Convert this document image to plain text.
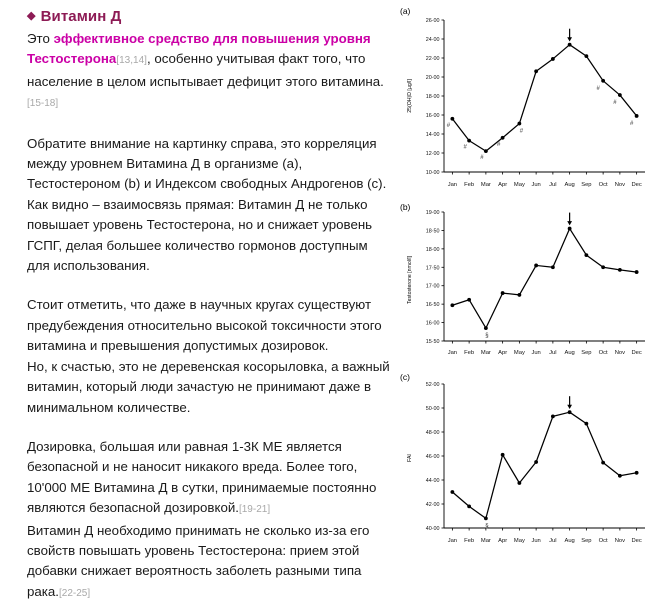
◆ Витамин Д

Это эффективное средство для повышения уровня Тестостерона[13,14], особенно учитывая факт того, что население в целом испытывает дефицит этого витамина.[15-18]

Обратите внимание на картинку справа, это корреляция между уровнем Витамина Д в организме (a), Тестостероном (b) и Индексом свободных Андрогенов (c). Как видно – взаимосвязь прямая: Витамин Д не только повышает уровень Тестостерона, но и снижает уровень ГСПГ, делая большее количество гормонов доступным для использования.

Стоит отметить, что даже в научных кругах существуют предубеждения относительно высокой токсичности этого витамина и превышения допустимых дозировок.
Но, к счастью, это не деревенская косорыловка, а важный витамин, который люди зачастую не принимают даже в минимальном количестве.

Дозировка, большая или равная 1-3К МЕ является безопасной и не наносит никакого вреда. Более того, 10'000 МЕ Витамина Д в сутки, принимаемые постоянно являются безопасной дозировкой.[19-21]
Витамин Д необходимо принимать не сколько из-за его свойств повышать уровень Тестостерона: прием этой добавки снижает вероятность заболеть разными типа рака.[22-25]

(a)
10·00
12·00
14·00
16·00
18·00
20·00
22·00
24·00
26·00
Jan Feb Mar Apr May Jun Jul Aug Sep Oct Nov Dec
25(OH)D [µg/l]
#
#
#
#
#
#
#
#
(b)
15·50
16·00
16·50
17·00
17·50
18·00
18·50
19·00
Jan Feb Mar Apr May Jun Jul Aug Sep Oct Nov Dec
Testosterone [nmol/l]
§
(c)
40·00
42·00
44·00
46·00
48·00
50·00
52·00
Jan Feb Mar Apr May Jun Jul Aug Sep Oct Nov Dec
FAI
§
